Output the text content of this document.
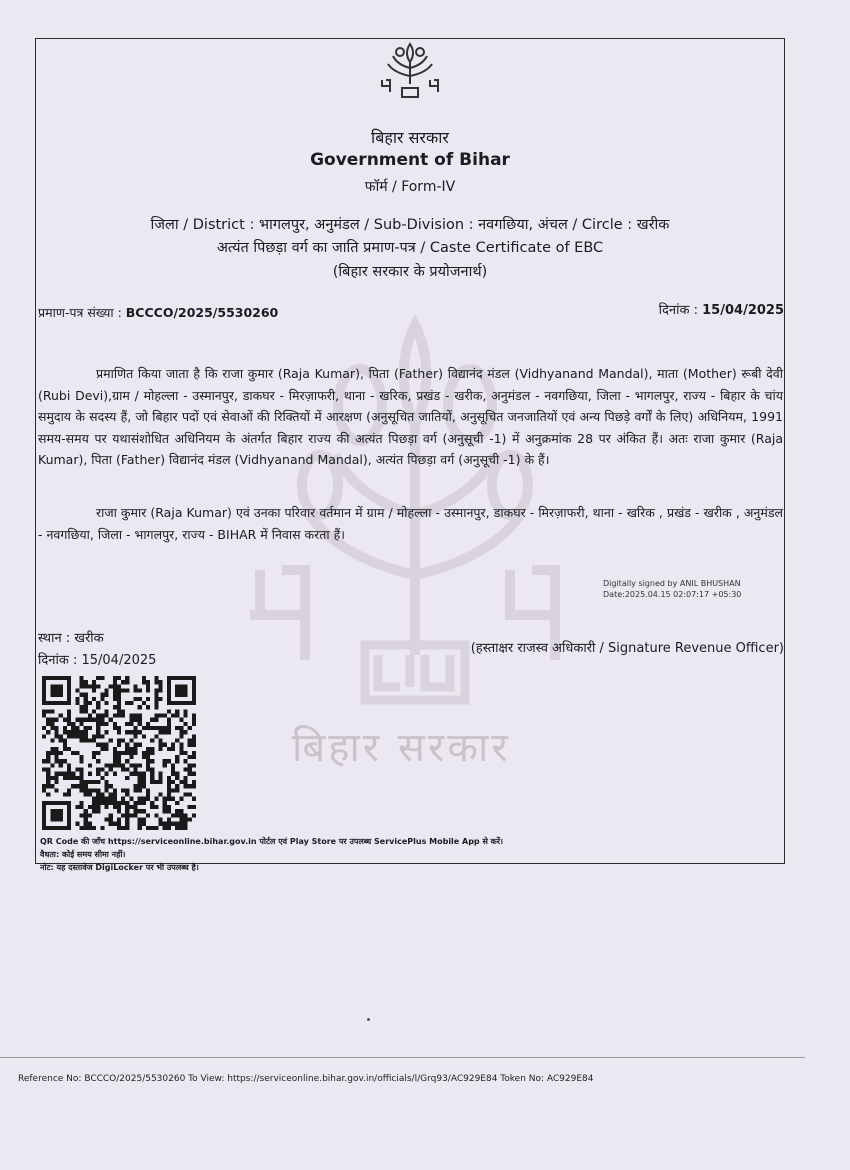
बिहार सरकार
बिहार सरकार
Government of Bihar
फॉर्म / Form-IV
जिला / District : भागलपुर, अनुमंडल / Sub-Division : नवगछिया, अंचल / Circle : खरीक
अत्यंत पिछड़ा वर्ग का जाति प्रमाण-पत्र / Caste Certificate of EBC
(बिहार सरकार के प्रयोजनार्थ)
प्रमाण-पत्र संख्या : BCCCO/2025/5530260	दिनांक : 15/04/2025
प्रमाणित किया जाता है कि राजा कुमार (Raja Kumar), पिता (Father) विद्यानंद मंडल (Vidhyanand Mandal), माता (Mother) रूबी देवी (Rubi Devi),ग्राम / मोहल्ला - उस्मानपुर, डाकघर - मिरज़ाफरी, थाना - खरिक, प्रखंड - खरीक, अनुमंडल - नवगछिया, जिला - भागलपुर, राज्य - बिहार के चांय समुदाय के सदस्य हैं, जो बिहार पदों एवं सेवाओं की रिक्तियों में आरक्षण (अनुसूचित जातियों, अनुसूचित जनजातियों एवं अन्य पिछड़े वर्गों के लिए) अधिनियम, 1991 समय-समय पर यथासंशोधित अधिनियम के अंतर्गत बिहार राज्य की अत्यंत पिछड़ा वर्ग (अनुसूची -1) में अनुक्रमांक 28 पर अंकित हैं। अतः राजा कुमार (Raja Kumar), पिता (Father) विद्यानंद मंडल (Vidhyanand Mandal), अत्यंत पिछड़ा वर्ग (अनुसूची -1) के हैं।
राजा कुमार (Raja Kumar) एवं उनका परिवार वर्तमान में ग्राम / मोहल्ला - उस्मानपुर, डाकघर - मिरज़ाफरी, थाना - खरिक , प्रखंड - खरीक , अनुमंडल - नवगछिया, जिला - भागलपुर, राज्य - BIHAR में निवास करता हैं।
Digitally signed by ANIL BHUSHAN
Date:2025.04.15 02:07:17 +05:30
स्थान : खरीक
दिनांक : 15/04/2025
(हस्ताक्षर राजस्व अधिकारी / Signature Revenue Officer)
QR Code की जाँच https://serviceonline.bihar.gov.in पोर्टल एवं Play Store पर उपलब्ध ServicePlus Mobile App से करें।
वैधता: कोई समय सीमा नहीं।
नोट: यह दस्तावेज DigiLocker पर भी उपलब्ध है।
Reference No: BCCCO/2025/5530260 To View: https://serviceonline.bihar.gov.in/officials/l/Grq93/AC929E84 Token No: AC929E84
